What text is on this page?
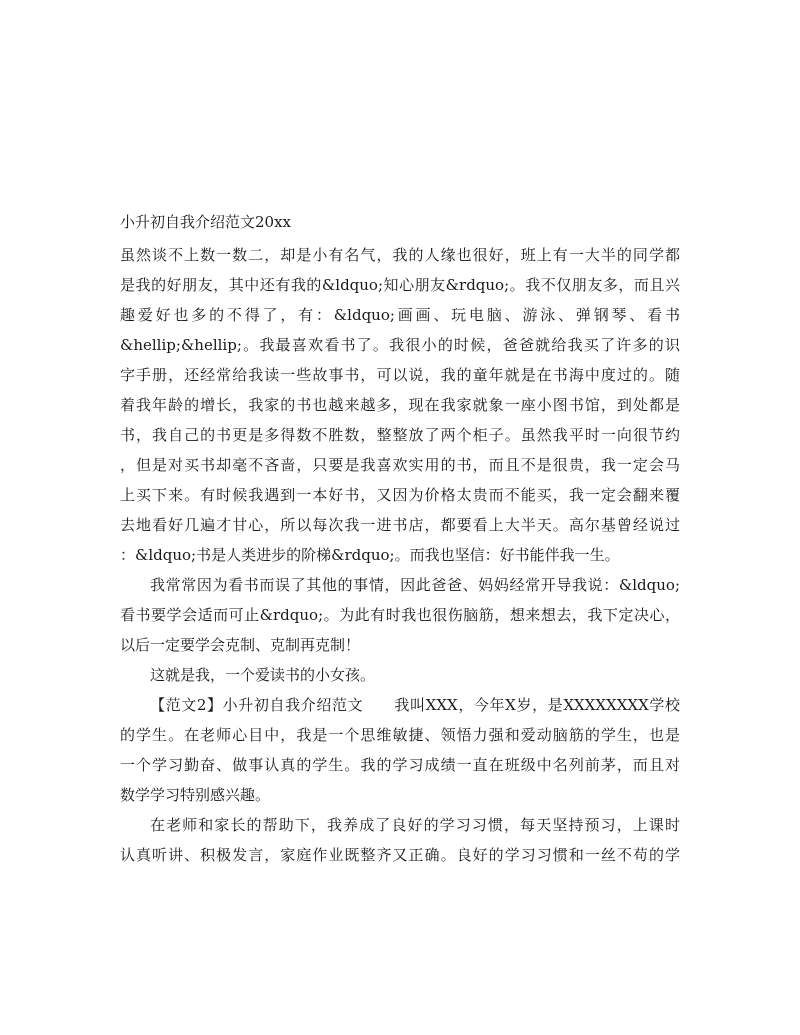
小升初自我介绍范文20xx
虽然谈不上数一数二，却是小有名气，我的人缘也很好，班上有一大半的同学都
是我的好朋友，其中还有我的&ldquo;知心朋友&rdquo;。我不仅朋友多，而且兴
趣爱好也多的不得了，有：&ldquo;画画、玩电脑、游泳、弹钢琴、看书
&hellip;&hellip;。我最喜欢看书了。我很小的时候，爸爸就给我买了许多的识
字手册，还经常给我读一些故事书，可以说，我的童年就是在书海中度过的。随
着我年龄的增长，我家的书也越来越多，现在我家就象一座小图书馆，到处都是
书，我自己的书更是多得数不胜数，整整放了两个柜子。虽然我平时一向很节约
，但是对买书却毫不吝啬，只要是我喜欢实用的书，而且不是很贵，我一定会马
上买下来。有时候我遇到一本好书，又因为价格太贵而不能买，我一定会翻来覆
去地看好几遍才甘心，所以每次我一进书店，都要看上大半天。高尔基曾经说过
：&ldquo;书是人类进步的阶梯&rdquo;。而我也坚信：好书能伴我一生。
我常常因为看书而误了其他的事情，因此爸爸、妈妈经常开导我说：&ldquo;
看书要学会适而可止&rdquo;。为此有时我也很伤脑筋，想来想去，我下定决心，
以后一定要学会克制、克制再克制！
这就是我，一个爱读书的小女孩。
【范文2】小升初自我介绍范文　　我叫XXX，今年X岁，是XXXXXXXX学校
的学生。在老师心目中，我是一个思维敏捷、领悟力强和爱动脑筋的学生，也是
一个学习勤奋、做事认真的学生。我的学习成绩一直在班级中名列前茅，而且对
数学学习特别感兴趣。
在老师和家长的帮助下，我养成了良好的学习习惯，每天坚持预习，上课时
认真听讲、积极发言，家庭作业既整齐又正确。良好的学习习惯和一丝不苟的学
